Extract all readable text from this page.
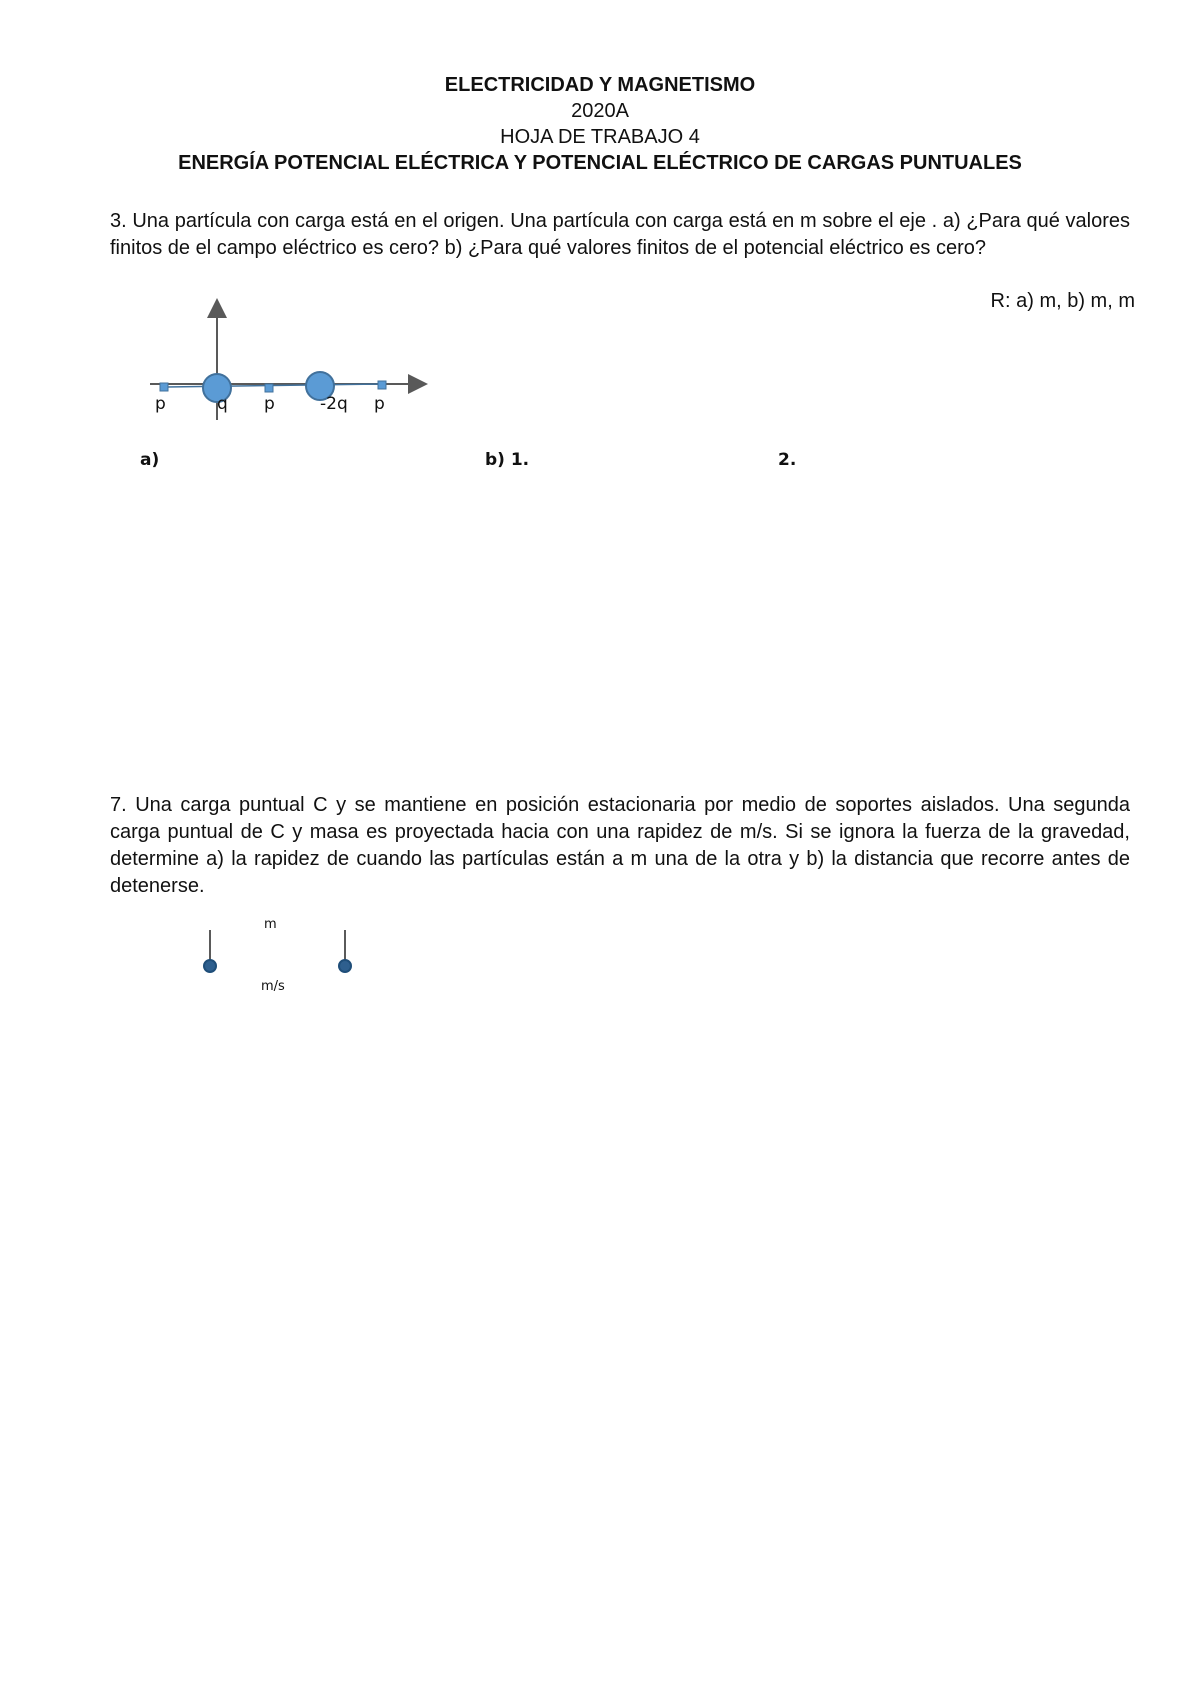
ELECTRICIDAD Y MAGNETISMO
2020A
HOJA DE TRABAJO 4
ENERGÍA POTENCIAL ELÉCTRICA Y POTENCIAL ELÉCTRICO DE CARGAS PUNTUALES
3. Una partícula con carga está en el origen. Una partícula con carga está en m sobre el eje . a) ¿Para qué valores finitos de el campo eléctrico es cero? b) ¿Para qué valores finitos de el potencial eléctrico es cero?
R: a) m, b) m, m
p	q p	-2q p
a)	b) 1.	2.
7. Una carga puntual C y se mantiene en posición estacionaria por medio de soportes aislados. Una segunda carga puntual de C y masa es proyectada hacia con una rapidez de m/s. Si se ignora la fuerza de la gravedad, determine a) la rapidez de cuando las partículas están a m una de la otra y b) la distancia que recorre antes de detenerse.
m
m/s
